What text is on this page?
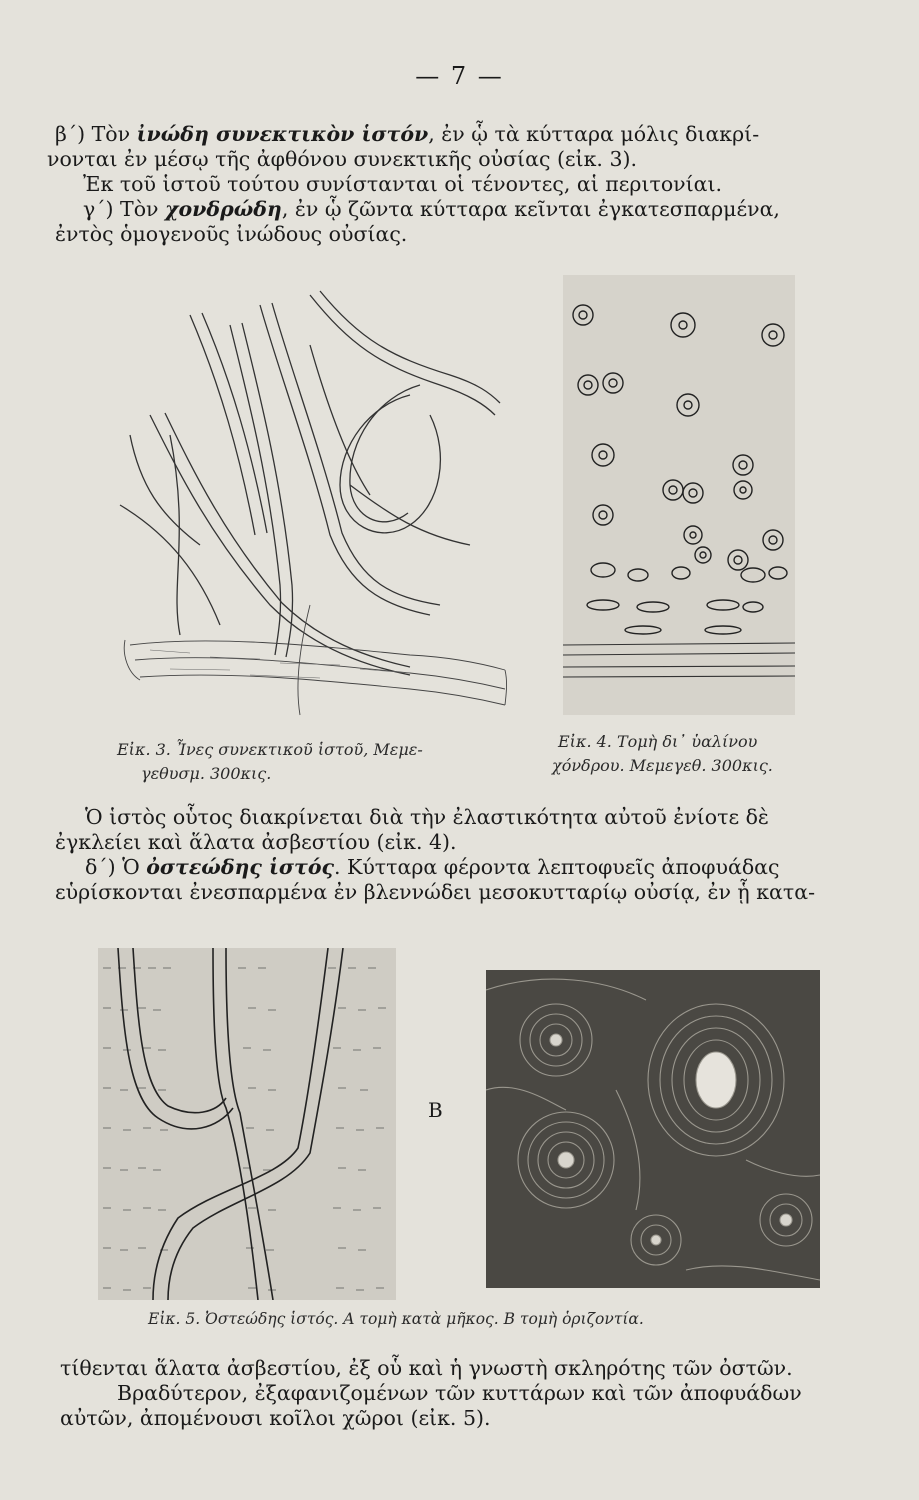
— 7 —
β΄) Τὸν ἰνώδη συνεκτικὸν ἱστόν, ἐν ᾧ τὰ κύτταρα μόλις διακρί-
νονται ἐν μέσῳ τῆς ἀφθόνου συνεκτικῆς οὐσίας (εἰκ. 3).
Ἐκ τοῦ ἱστοῦ τούτου συνίστανται οἱ τένοντες, αἱ περιτονίαι.
γ΄) Τὸν χονδρώδη, ἐν ᾧ ζῶντα κύτταρα κεῖνται ἐγκατεσπαρμένα,
ἐντὸς ὁμογενοῦς ἰνώδους οὐσίας.
Εἰκ. 3. Ἶνες συνεκτικοῦ ἱστοῦ, Μεμε-
γεθυσμ. 300κις.
Εἰκ. 4. Τομὴ δι᾽ ὑαλίνου
χόνδρου. Μεμεγεθ. 300κις.
Ὁ ἱστὸς οὗτος διακρίνεται διὰ τὴν ἐλαστικότητα αὐτοῦ ἐνίοτε δὲ
ἐγκλείει καὶ ἅλατα ἀσβεστίου (εἰκ. 4).
δ΄) Ὁ ὀστεώδης ἱστός. Κύτταρα φέροντα λεπτοφυεῖς ἀποφυάδας
εὑρίσκονται ἐνεσπαρμένα ἐν βλεννώδει μεσοκυτταρίῳ οὐσίᾳ, ἐν ᾗ κατα-
B
Εἰκ. 5. Ὀστεώδης ἱστός. A τομὴ κατὰ μῆκος. B τομὴ ὁριζοντία.
τίθενται ἅλατα ἀσβεστίου, ἐξ οὗ καὶ ἡ γνωστὴ σκληρότης τῶν ὀστῶν.
Βραδύτερον, ἐξαφανιζομένων τῶν κυττάρων καὶ τῶν ἀποφυάδων
αὐτῶν, ἀπομένουσι κοῖλοι χῶροι (εἰκ. 5).
